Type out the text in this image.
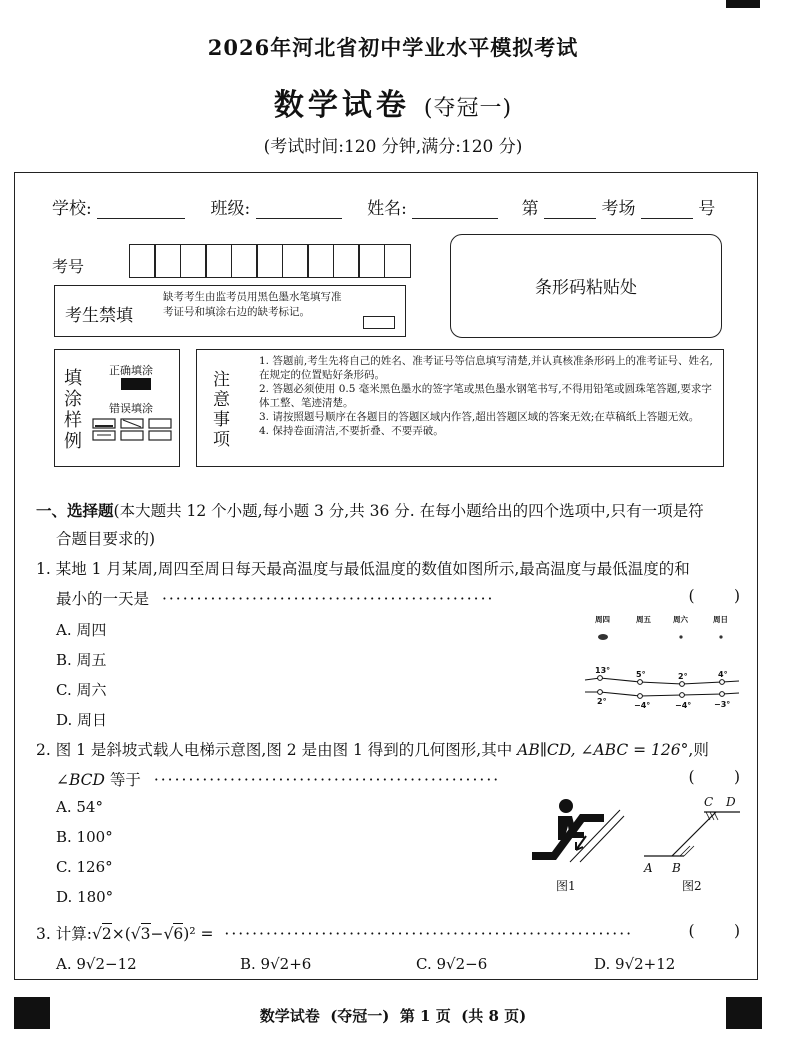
2026年河北省初中学业水平模拟考试
数学试卷 (夺冠一)
(考试时间:120 分钟,满分:120 分)
学校:	班级:	姓名:	第	考场	号
考号
条形码粘贴处
考生禁填
缺考考生由监考员用黑色墨水笔填写准考证号和填涂右边的缺考标记。
填涂样例
正确填涂
错误填涂
注意事项
1. 答题前,考生先将自己的姓名、准考证号等信息填写清楚,并认真核准条形码上的准考证号、姓名,在规定的位置贴好条形码。
2. 答题必须使用 0.5 毫米黑色墨水的签字笔或黑色墨水钢笔书写,不得用铅笔或圆珠笔答题,要求字体工整、笔迹清楚。
3. 请按照题号顺序在各题目的答题区域内作答,超出答题区域的答案无效;在草稿纸上答题无效。
4. 保持卷面清洁,不要折叠、不要弄破。
一、选择题(本大题共 12 个小题,每小题 3 分,共 36 分. 在每小题给出的四个选项中,只有一项是符
合题目要求的)
1. 某地 1 月某周,周四至周日每天最高温度与最低温度的数值如图所示,最高温度与最低温度的和
最小的一天是 ················································	(        )
A. 周四
B. 周五
C. 周六
D. 周日
周四	周五	周六	周日
13°	5°	2°	4°
2°	−4°	−4°	−3°
2. 图 1 是斜坡式载人电梯示意图,图 2 是由图 1 得到的几何图形,其中 AB∥CD, ∠ABC = 126°,则
∠BCD 等于 ··················································	(        )
A. 54°
B. 100°
C. 126°
D. 180°
图1
A B
C D
图2
3. 计算:√2×(√3−√6)² = ···························································	(        )
A. 9√2−12	B. 9√2+6	C. 9√2−6	D. 9√2+12
数学试卷  (夺冠一)  第 1 页  (共 8 页)
